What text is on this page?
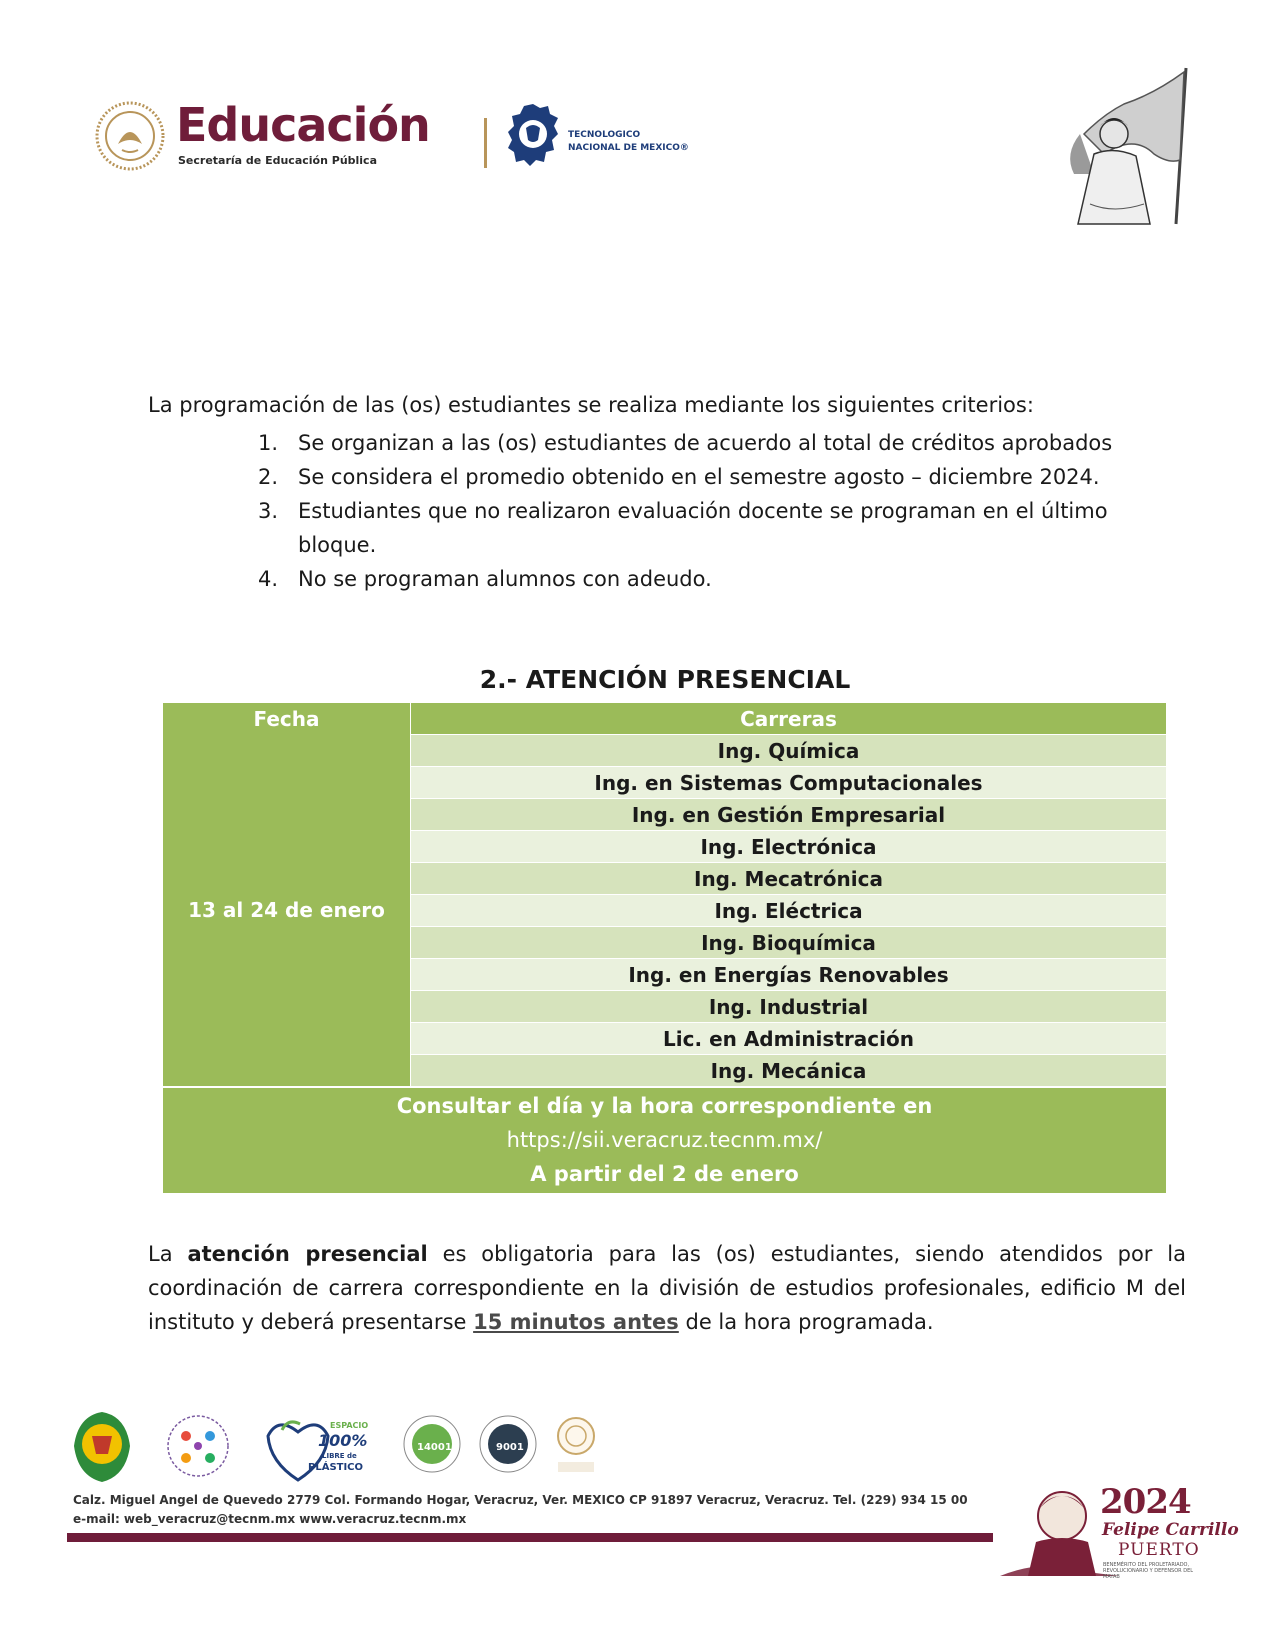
Educación
Secretaría de Educación Pública
TECNOLOGICO
NACIONAL DE MEXICO®
La programación de las (os) estudiantes se realiza mediante los siguientes criterios:
1. Se organizan a las (os) estudiantes de acuerdo al total de créditos aprobados
2. Se considera el promedio obtenido en el semestre agosto – diciembre 2024.
3. Estudiantes que no realizaron evaluación docente se programan en el último bloque.
4. No se programan alumnos con adeudo.
2.- ATENCIÓN PRESENCIAL
Fecha	Carreras
13 al 24 de enero
Ing. Química
Ing. en Sistemas Computacionales
Ing. en Gestión Empresarial
Ing. Electrónica
Ing. Mecatrónica
Ing. Eléctrica
Ing. Bioquímica
Ing. en Energías Renovables
Ing. Industrial
Lic. en Administración
Ing. Mecánica
Consultar el día y la hora correspondiente en
https://sii.veracruz.tecnm.mx/
A partir del 2 de enero

La atención presencial es obligatoria para las (os) estudiantes, siendo atendidos por la coordinación de carrera correspondiente en la división de estudios profesionales, edificio M del instituto y deberá presentarse 15 minutos antes de la hora programada.

ESPACIO
100%
LIBRE de
PLÁSTICO
14001	9001
Calz. Miguel Angel de Quevedo 2779 Col. Formando Hogar, Veracruz, Ver. MEXICO CP 91897 Veracruz, Veracruz. Tel. (229) 934 15 00
e-mail: web_veracruz@tecnm.mx www.veracruz.tecnm.mx	2024
Felipe Carrillo
PUERTO
BENEMÉRITO DEL PROLETARIADO, REVOLUCIONARIO Y DEFENSOR DEL MAYAB
